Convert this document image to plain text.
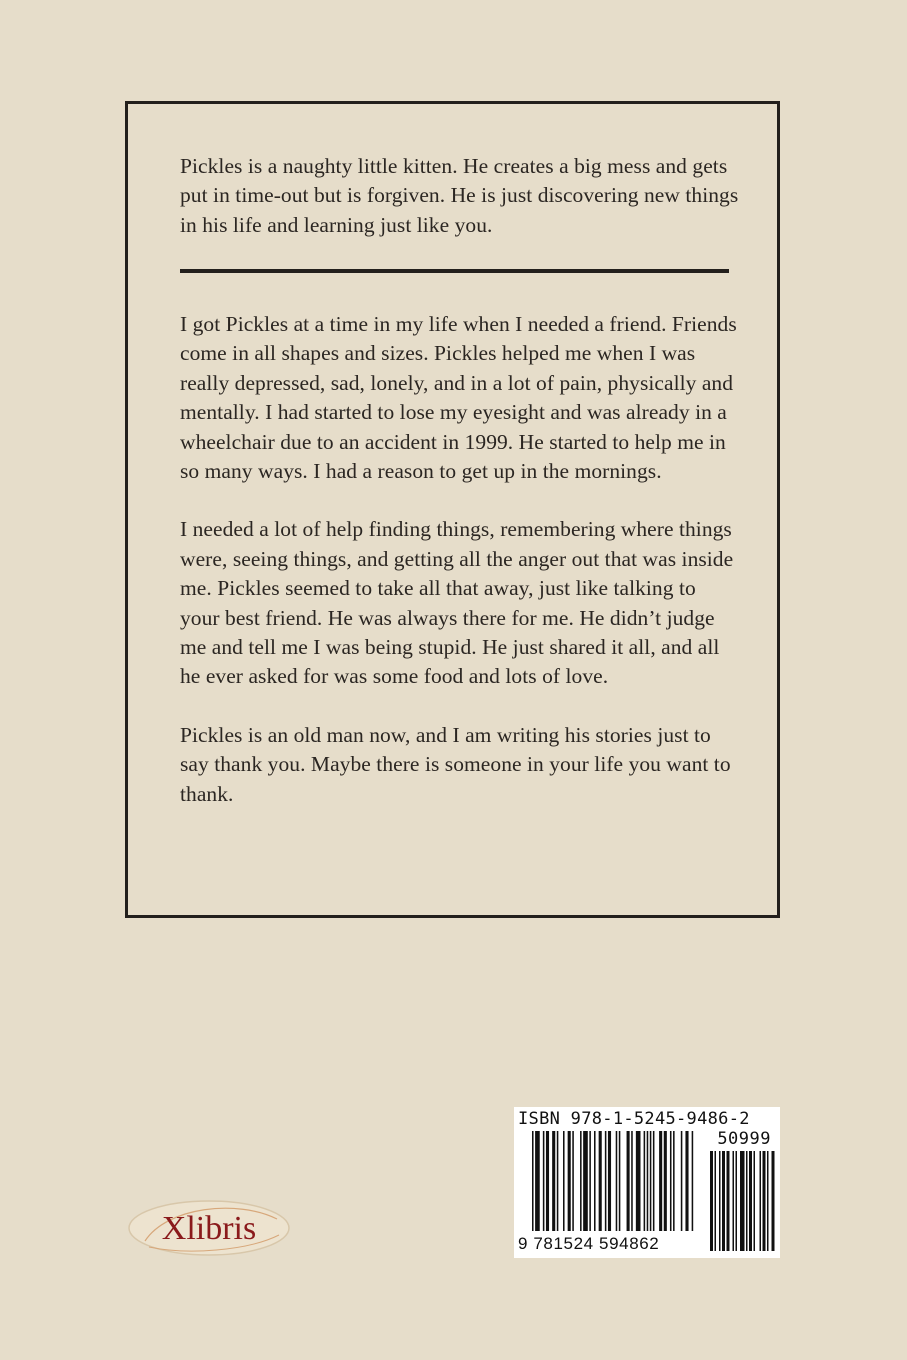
Pickles is a naughty little kitten. He creates a big mess and gets put in time-out but is forgiven. He is just discovering new things in his life and learning just like you.

I got Pickles at a time in my life when I needed a friend. Friends come in all shapes and sizes. Pickles helped me when I was really depressed, sad, lonely, and in a lot of pain, physically and mentally. I had started to lose my eyesight and was already in a wheelchair due to an accident in 1999. He started to help me in so many ways. I had a reason to get up in the mornings.

I needed a lot of help finding things, remembering where things were, seeing things, and getting all the anger out that was inside me. Pickles seemed to take all that away, just like talking to your best friend. He was always there for me. He didn’t judge me and tell me I was being stupid. He just shared it all, and all he ever asked for was some food and lots of love.

Pickles is an old man now, and I am writing his stories just to say thank you. Maybe there is someone in your life you want to thank.

Xlibris
ISBN 978-1-5245-9486-2
50999
9 781524 594862
